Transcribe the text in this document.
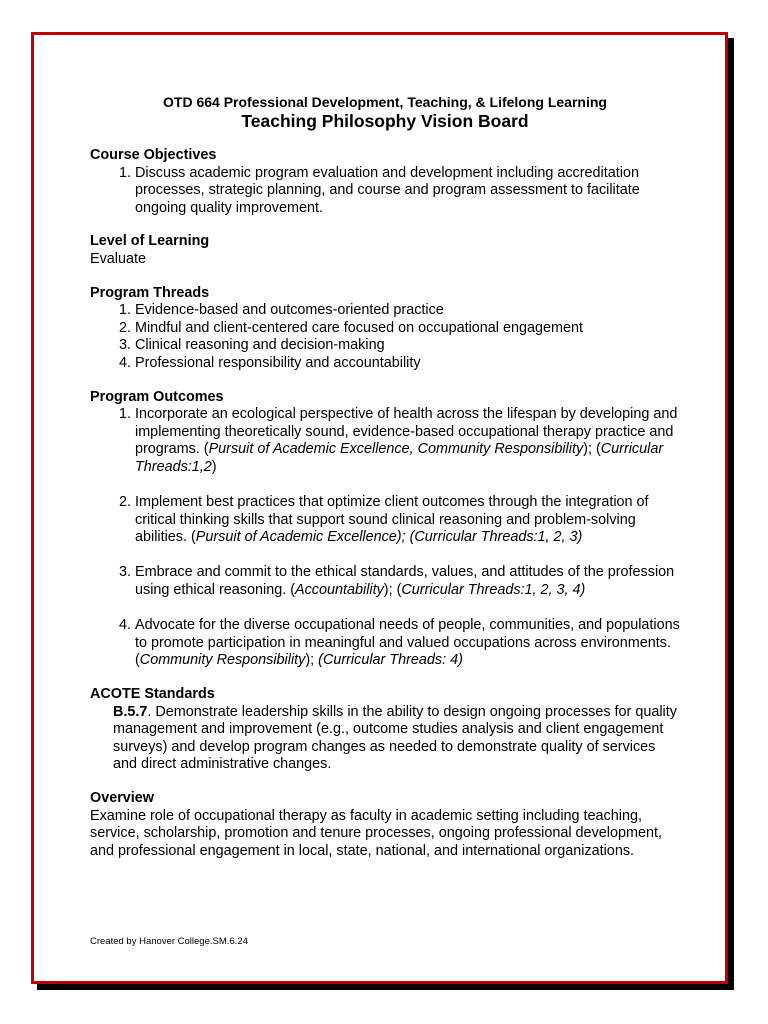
OTD 664 Professional Development, Teaching, & Lifelong Learning

Teaching Philosophy Vision Board

Course Objectives

1. Discuss academic program evaluation and development including accreditation processes, strategic planning, and course and program assessment to facilitate ongoing quality improvement.

Level of Learning

Evaluate

Program Threads

1. Evidence-based and outcomes-oriented practice
2. Mindful and client-centered care focused on occupational engagement
3. Clinical reasoning and decision-making
4. Professional responsibility and accountability

Program Outcomes

1. Incorporate an ecological perspective of health across the lifespan by developing and implementing theoretically sound, evidence-based occupational therapy practice and programs. (Pursuit of Academic Excellence, Community Responsibility); (Curricular Threads:1,2)
2. Implement best practices that optimize client outcomes through the integration of critical thinking skills that support sound clinical reasoning and problem-solving abilities. (Pursuit of Academic Excellence); (Curricular Threads:1, 2, 3)
3. Embrace and commit to the ethical standards, values, and attitudes of the profession using ethical reasoning. (Accountability); (Curricular Threads:1, 2, 3, 4)
4. Advocate for the diverse occupational needs of people, communities, and populations to promote participation in meaningful and valued occupations across environments. (Community Responsibility); (Curricular Threads: 4)

ACOTE Standards

B.5.7. Demonstrate leadership skills in the ability to design ongoing processes for quality management and improvement (e.g., outcome studies analysis and client engagement surveys) and develop program changes as needed to demonstrate quality of services and direct administrative changes.

Overview

Examine role of occupational therapy as faculty in academic setting including teaching, service, scholarship, promotion and tenure processes, ongoing professional development, and professional engagement in local, state, national, and international organizations.

Created by Hanover College.SM.6.24
